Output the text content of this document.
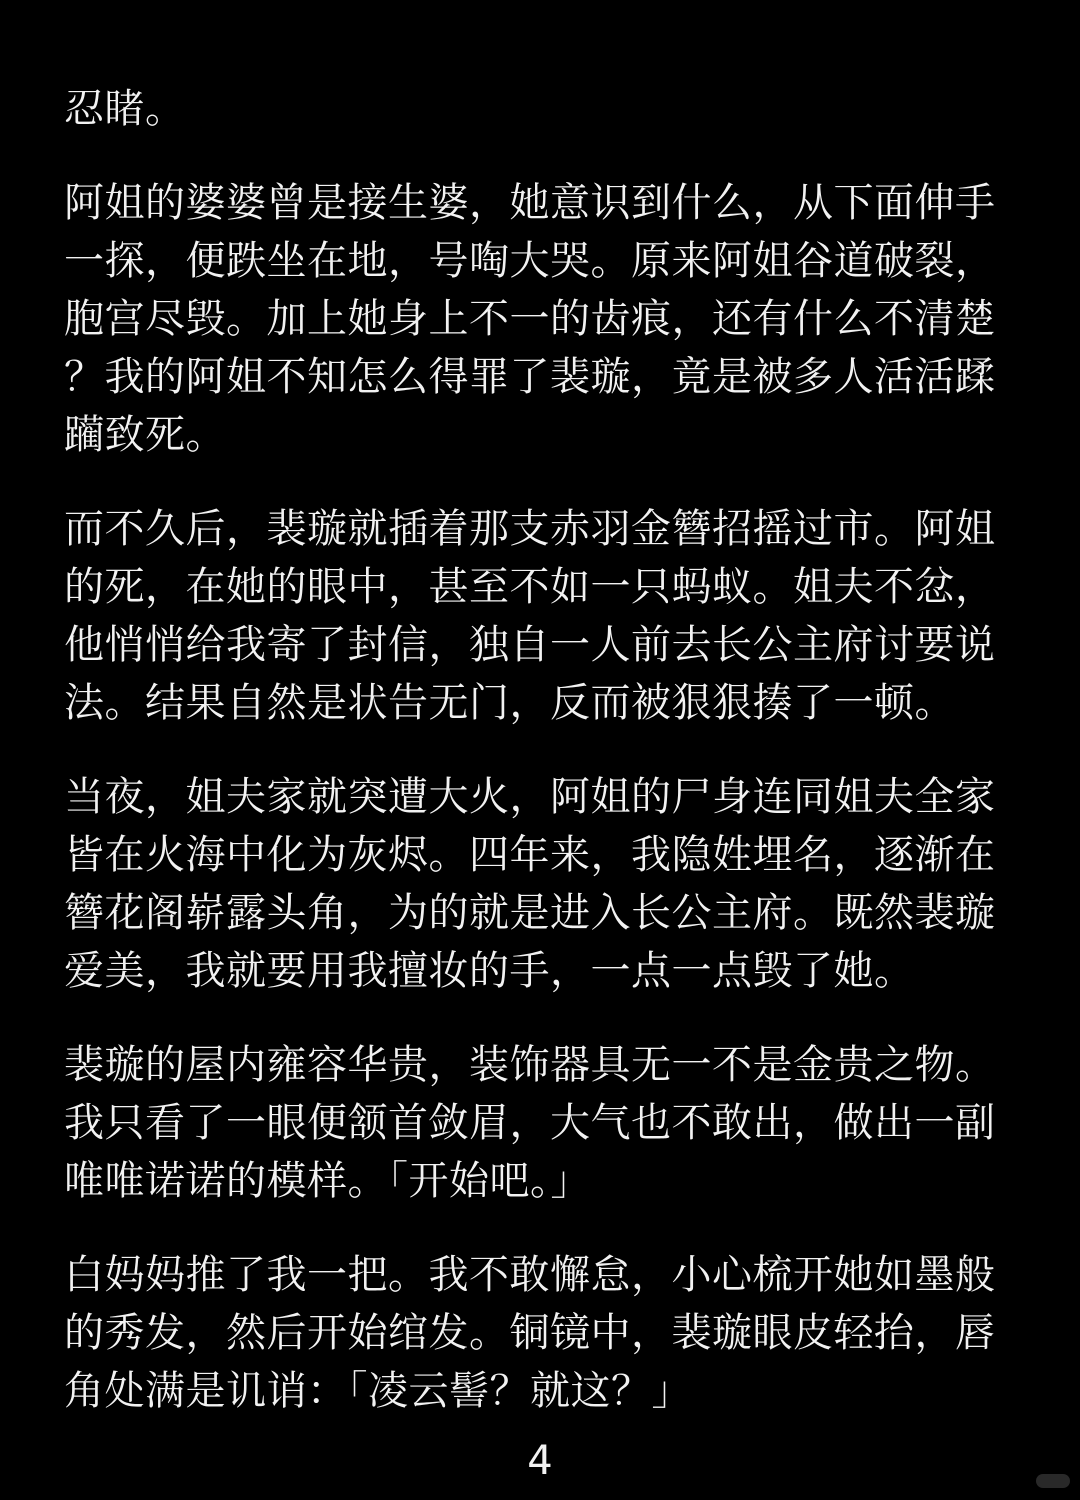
忍睹。

阿姐的婆婆曾是接生婆，她意识到什么，从下面伸手
一探，便跌坐在地，号啕大哭。原来阿姐谷道破裂，
胞宫尽毁。加上她身上不一的齿痕，还有什么不清楚
？我的阿姐不知怎么得罪了裴璇，竟是被多人活活蹂
躏致死。

而不久后，裴璇就插着那支赤羽金簪招摇过市。阿姐
的死，在她的眼中，甚至不如一只蚂蚁。姐夫不忿，
他悄悄给我寄了封信，独自一人前去长公主府讨要说
法。结果自然是状告无门，反而被狠狠揍了一顿。

当夜，姐夫家就突遭大火，阿姐的尸身连同姐夫全家
皆在火海中化为灰烬。四年来，我隐姓埋名，逐渐在
簪花阁崭露头角，为的就是进入长公主府。既然裴璇
爱美，我就要用我擅妆的手，一点一点毁了她。

裴璇的屋内雍容华贵，装饰器具无一不是金贵之物。
我只看了一眼便颔首敛眉，大气也不敢出，做出一副
唯唯诺诺的模样。「开始吧。」

白妈妈推了我一把。我不敢懈怠，小心梳开她如墨般
的秀发，然后开始绾发。铜镜中，裴璇眼皮轻抬，唇
角处满是讥诮：「凌云髻？就这？」

4
